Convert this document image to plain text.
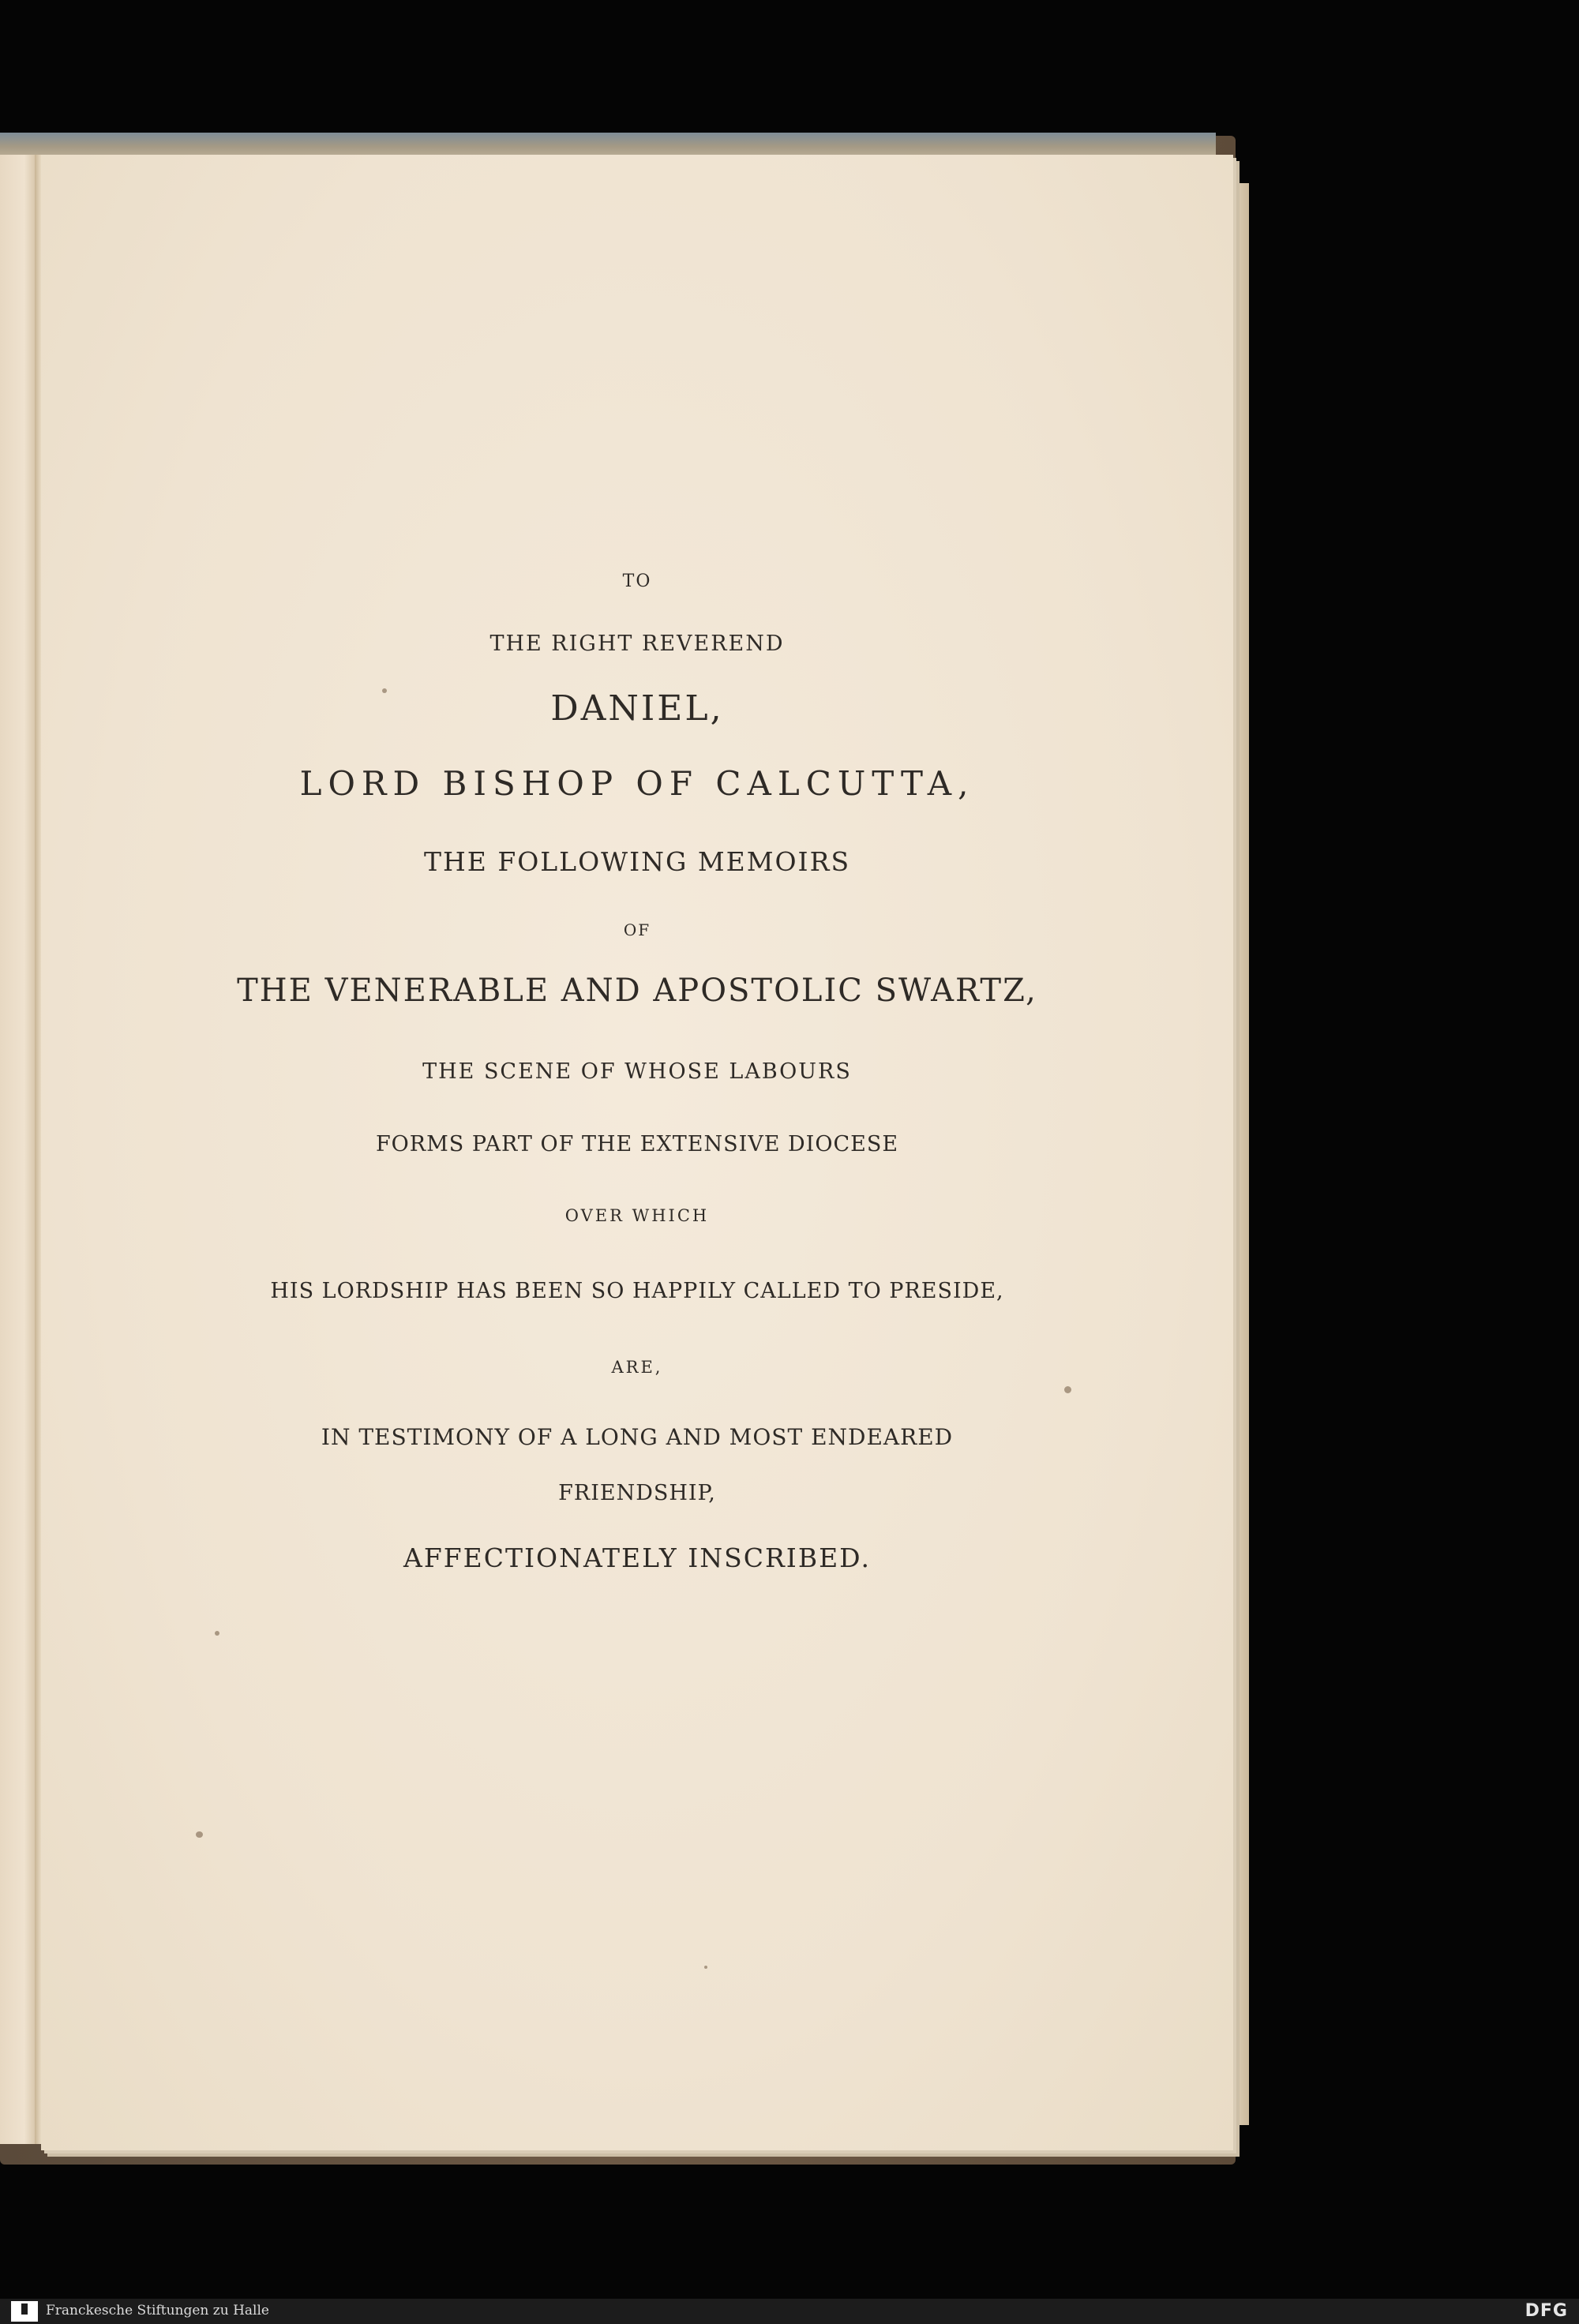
TO
THE RIGHT REVEREND
DANIEL,
LORD BISHOP OF CALCUTTA,
THE FOLLOWING MEMOIRS
OF
THE VENERABLE AND APOSTOLIC SWARTZ,
THE SCENE OF WHOSE LABOURS
FORMS PART OF THE EXTENSIVE DIOCESE
OVER WHICH
HIS LORDSHIP HAS BEEN SO HAPPILY CALLED TO PRESIDE,
ARE,
IN TESTIMONY OF A LONG AND MOST ENDEARED
FRIENDSHIP,
AFFECTIONATELY INSCRIBED.
Franckesche Stiftungen zu Halle	DFG
